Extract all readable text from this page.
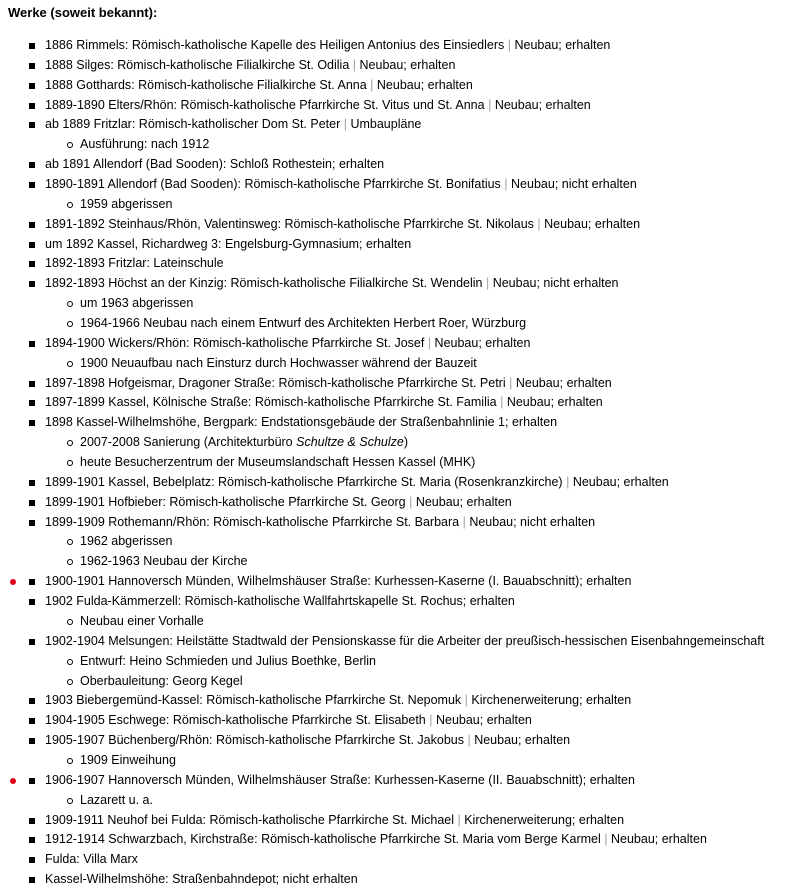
Werke (soweit bekannt):
1886 Rimmels: Römisch-katholische Kapelle des Heiligen Antonius des Einsiedlers | Neubau; erhalten
1888 Silges: Römisch-katholische Filialkirche St. Odilia | Neubau; erhalten
1888 Gotthards: Römisch-katholische Filialkirche St. Anna | Neubau; erhalten
1889-1890 Elters/Rhön: Römisch-katholische Pfarrkirche St. Vitus und St. Anna | Neubau; erhalten
ab 1889 Fritzlar: Römisch-katholischer Dom St. Peter | Umbaupläne
Ausführung: nach 1912
ab 1891 Allendorf (Bad Sooden): Schloß Rothestein; erhalten
1890-1891 Allendorf (Bad Sooden): Römisch-katholische Pfarrkirche St. Bonifatius | Neubau; nicht erhalten
1959 abgerissen
1891-1892 Steinhaus/Rhön, Valentinsweg: Römisch-katholische Pfarrkirche St. Nikolaus | Neubau; erhalten
um 1892 Kassel, Richardweg 3: Engelsburg-Gymnasium; erhalten
1892-1893 Fritzlar: Lateinschule
1892-1893 Höchst an der Kinzig: Römisch-katholische Filialkirche St. Wendelin | Neubau; nicht erhalten
um 1963 abgerissen
1964-1966 Neubau nach einem Entwurf des Architekten Herbert Roer, Würzburg
1894-1900 Wickers/Rhön: Römisch-katholische Pfarrkirche St. Josef | Neubau; erhalten
1900 Neuaufbau nach Einsturz durch Hochwasser während der Bauzeit
1897-1898 Hofgeismar, Dragoner Straße: Römisch-katholische Pfarrkirche St. Petri | Neubau; erhalten
1897-1899 Kassel, Kölnische Straße: Römisch-katholische Pfarrkirche St. Familia | Neubau; erhalten
1898 Kassel-Wilhelmshöhe, Bergpark: Endstationsgebäude der Straßenbahnlinie 1; erhalten
2007-2008 Sanierung (Architekturbüro Schultze & Schulze)
heute Besucherzentrum der Museumslandschaft Hessen Kassel (MHK)
1899-1901 Kassel, Bebelplatz: Römisch-katholische Pfarrkirche St. Maria (Rosenkranzkirche) | Neubau; erhalten
1899-1901 Hofbieber: Römisch-katholische Pfarrkirche St. Georg | Neubau; erhalten
1899-1909 Rothemann/Rhön: Römisch-katholische Pfarrkirche St. Barbara | Neubau; nicht erhalten
1962 abgerissen
1962-1963 Neubau der Kirche
1900-1901 Hannoversch Münden, Wilhelmshäuser Straße: Kurhessen-Kaserne (I. Bauabschnitt); erhalten
1902 Fulda-Kämmerzell: Römisch-katholische Wallfahrtskapelle St. Rochus; erhalten
Neubau einer Vorhalle
1902-1904 Melsungen: Heilstätte Stadtwald der Pensionskasse für die Arbeiter der preußisch-hessischen Eisenbahngemeinschaft
Entwurf: Heino Schmieden und Julius Boethke, Berlin
Oberbauleitung: Georg Kegel
1903 Biebergemünd-Kassel: Römisch-katholische Pfarrkirche St. Nepomuk | Kirchenerweiterung; erhalten
1904-1905 Eschwege: Römisch-katholische Pfarrkirche St. Elisabeth | Neubau; erhalten
1905-1907 Büchenberg/Rhön: Römisch-katholische Pfarrkirche St. Jakobus | Neubau; erhalten
1909 Einweihung
1906-1907 Hannoversch Münden, Wilhelmshäuser Straße: Kurhessen-Kaserne (II. Bauabschnitt); erhalten
Lazarett u. a.
1909-1911 Neuhof bei Fulda: Römisch-katholische Pfarrkirche St. Michael | Kirchenerweiterung; erhalten
1912-1914 Schwarzbach, Kirchstraße: Römisch-katholische Pfarrkirche St. Maria vom Berge Karmel | Neubau; erhalten
Fulda: Villa Marx
Kassel-Wilhelmshöhe: Straßenbahndepot; nicht erhalten
